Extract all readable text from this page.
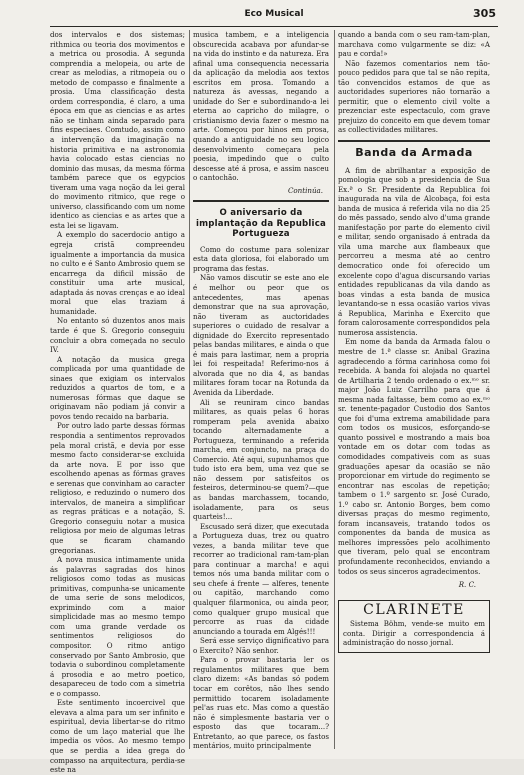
Eco Musical	305

dos intervalos e dos sistemas; rithmica ou teoria dos movimentos e a metrica ou prosodia. A segunda comprendia a melopeia, ou arte de crear as melodias, a ritmopeia ou o metodo de compasso e finalmente a prosia. Uma classificação desta ordem correspondia, é claro, a uma época em que as ciencias e as artes não se tinham ainda separado para fins especiaes. Comtudo, assim como a intervenção da imaginação na historia primitiva e na astronomia havia colocado estas ciencias no dominio das musas, da mesma fórma também parece que os egypcios tiveram uma vaga noção da lei geral do movimento ritmico, que rege o universo, classificando com um nome identico as ciencias e as artes que a esta lei se ligavam.

A exemplo do sacerdocio antigo a egreja cristã compreendeu igualmente a importancia da musica no culto e é Santo Ambrosio quem se encarrega da dificil missão de constituir uma arte musical, adaptada ás novas crenças e ao ideal moral que elas traziam á humanidade.

No entanto só duzentos anos mais tarde é que S. Gregorio conseguiu concluir a obra começada no seculo IV.

A notação da musica grega complicada por uma quantidade de sinaes que exigiam os intervalos reduzidos a quartos de tom, e a numerosas fórmas que daque se originavam não podiam já convir a povos tendo recaido na barbaria.

Por outro lado parte dessas fórmas respondia a sentimentos reprovados pela moral cristã, e devia por esse mesmo facto considerar-se excluida da arte nova. E por isso que escolhendo apenas as fórmas graves e serenas que convinham ao caracter religioso, e reduzindo o numero dos intervalos, de maneira a simplificar as regras práticas e a notação, S. Gregorio conseguiu notar a musica religiosa por meio de algumas letras que se ficaram chamando gregorianas.

A nova musica intimamente unida ás palavras sagradas dos hinos religiosos como todas as musicas primitivas, compunha-se unicamente de uma serie de sons melodicos, exprimindo com a maior simplicidade mas ao mesmo tempo com uma grande verdade os sentimentos religiosos do compositor. O ritmo antigo conservado por Santo Ambrosio, que todavia o subordinou completamente á prosodia e ao metro poetico, desapareceu de todo com a simetria e o compasso.

Este sentimento incoercivel que elevava a alma para um ser infinito e espiritual, devia libertar-se do ritmo como de um laço material que lhe impedia os vôos. Ao mesmo tempo que se perdia a idea grega do compasso na arquitectura, perdia-se este na

musica tambem, e a inteligencia obscurecida acabava por afundar-se na vida do instinto e da natureza. Era afinal uma consequencia necessaria da aplicação da melodia aos textos escritos em prosa. Tomando a natureza ás avessas, negando a unidade do Ser e subordinando-a lei eterna ao capricho do milagre, o cristianismo devia fazer o mesmo na arte. Começou por hinos em prosa, quando a antiguidade no seu logico desenvolvimento começara pela poesia, impedindo que o culto descesse até á prosa, e assim nasceu o cantochão.

Continúa.
O aniversario da implantação da Republica Portugueza

Como do costume para solenizar esta data gloriosa, foi elaborado um programa das festas.

Não vamos discutir se este ano ele é melhor ou peor que os antecedentes, mas apenas demonstrar que na sua aprovação, não tiveram as auctoridades superiores o cuidado de resalvar a dignidade do Exercito representado pelas bandas militares, e ainda o que é mais para lastimar, nem a propria lei foi respeitada! Referimo-nos á alvorada que no dia 4, as bandas militares foram tocar na Rotunda da Avenida da Liberdade.

Ali se reuniram cinco bandas militares, as quais pelas 6 horas romperam pela avenida abaixo tocando alternadamente a Portugueza, terminando a referida marcha, em conjuncto, na praça do Comercio. Até aqui, supunhamos que tudo isto era bem, uma vez que se não dessem por satisfeitos os festeiros, determinou-se quem?—que as bandas marchassem, tocando, isoladamente, para os seus quarteis!...

Escusado será dizer, que executada a Portugueza duas, trez ou quatro vezes, a banda militar teve que recorrer ao tradicional ram-tam-plan para continuar a marcha! e aqui temos nós uma banda militar com o seu chefe á frente — alferes, tenente ou capitão, marchando como qualquer filarmonica, ou ainda peor, como qualquer grupo musical que percorre as ruas da cidade anunciando a tourada em Algés!!!

Será esse serviço dignificativo para o Exercito? Não senhor.

Para o provar bastaria ler os regulamentos militares que bem claro dizem: «As bandas só podem tocar em corêtos, não lhes sendo permittido tocarem isoladamente pel'as ruas etc. Mas como a questão não é simplesmente bastaria ver o esposto das que tocaram...? Entretanto, ao que parece, os fastos mentários, muito principalmente

quando a banda com o seu ram-tam-plan, marchava como vulgarmente se diz: «A pau e corda!»

Não fazemos comentarios nem tão-pouco pedidos para que tal se não repita, tão convencidos estamos de que as auctoridades superiores não tornarão a permitir, que o elemento civil volte a prezenciar este espectaculo, com grave prejuizo do conceito em que devem tomar as collectividades militares.

Banda da Armada

A fim de abrilhantar a exposição de pomologia que sob a presidencia de Sua Ex.ª o Sr. Presidente da Republica foi inaugurada na vila de Alcobaça, foi esta banda de musica á referida vila no dia 25 do mês passado, sendo alvo d'uma grande manifestação por parte do elemento civil e militar, sendo organisado á entrada da vila uma marche aux flambeaux que percorreu a mesma até ao centro democratico onde foi oferecido um excelente copo d'agua discursando varias entidades republicanas da vila dando as boas vindas a esta banda de musica levantando-se n essa ocasião varios vivas á Republica, Marinha e Exercito que foram calorosamente correspondidos pela numerosa assistencia.

Em nome da banda da Armada falou o mestre de 1.ª classe sr. Anibal Grazina agradecendo a fórma carinhosa como foi recebida. A banda foi alojada no quartel de Artilharia 2 tendo ordenado o ex.ᵐᵒ sr. major João Luiz Carrilho para que á mesma nada faltasse, bem como ao ex.ᵐᵒ sr. tenente-pagador Custodio dos Santos que foi d'uma extrema amabilidade para com todos os musicos, esforçando-se quanto possivel e mostrando a mais boa vontade em os dotar com todas as comodidades compativeis com as suas graduações apesar da ocasião se não proporcionar em virtude do regimento se encontrar nas escolas de repetição; tambem o 1.º sargento sr. José Curado, 1.º cabo sr. Antonio Borges, bem como diversas praças do mesmo regimento, foram incansaveis, tratando todos os componentes da banda de musica as melhores impressões pelo acolhimento que tiveram, pelo qual se encontram profundamente reconhecidos, enviando a todos os seus sinceros agradecimentos.

R. C.
CLARINETE

Sistema Böhm, vende-se muito em conta. Dirigir a correspondencia á administração do nosso jornal.
